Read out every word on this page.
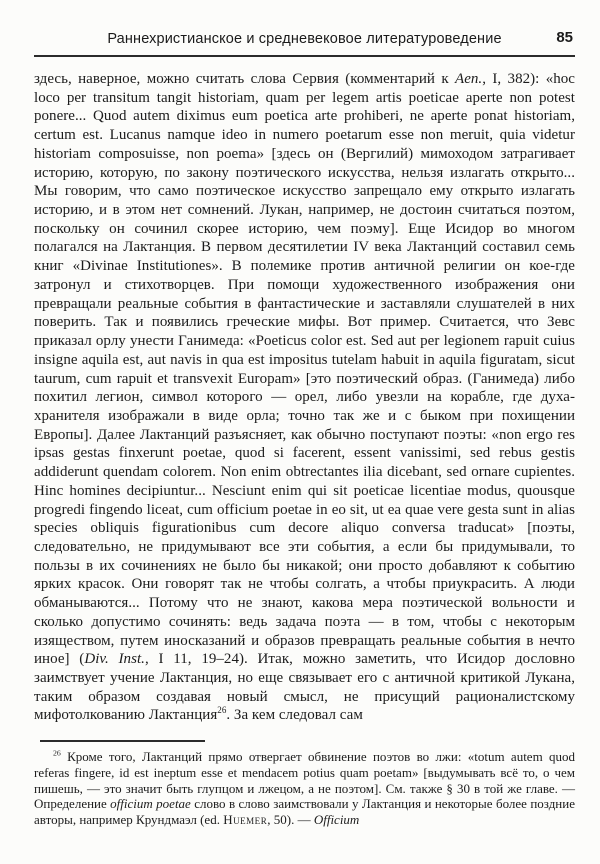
Раннехристианское и средневековое литературоведение	85

здесь, наверное, можно считать слова Сервия (комментарий к Aen., I, 382): «hoc loco per transitum tangit historiam, quam per legem artis poeticae aperte non potest ponere... Quod autem diximus eum poetica arte prohiberi, ne aperte ponat historiam, certum est. Lucanus namque ideo in numero poetarum esse non meruit, quia videtur historiam composuisse, non poema» [здесь он (Вергилий) мимоходом затрагивает историю, которую, по закону поэтического искусства, нельзя излагать открыто... Мы говорим, что само поэтическое искусство запрещало ему открыто излагать историю, и в этом нет сомнений. Лукан, например, не достоин считаться поэтом, поскольку он сочинил скорее историю, чем поэму]. Еще Исидор во многом полагался на Лактанция. В первом десятилетии IV века Лактанций составил семь книг «Divinae Institutiones». В полемике против античной религии он кое-где затронул и стихотворцев. При помощи художественного изображения они превращали реальные события в фантастические и заставляли слушателей в них поверить. Так и появились греческие мифы. Вот пример. Считается, что Зевс приказал орлу унести Ганимеда: «Poeticus color est. Sed aut per legionem rapuit cuius insigne aquila est, aut navis in qua est impositus tutelam habuit in aquila figuratam, sicut taurum, cum rapuit et transvexit Europam» [это поэтический образ. (Ганимеда) либо похитил легион, символ которого — орел, либо увезли на корабле, где духа-хранителя изображали в виде орла; точно так же и с быком при похищении Европы]. Далее Лактанций разъясняет, как обычно поступают поэты: «non ergo res ipsas gestas finxerunt poetae, quod si facerent, essent vanissimi, sed rebus gestis addiderunt quendam colorem. Non enim obtrectantes ilia dicebant, sed ornare cupientes. Hinc homines decipiuntur... Nesciunt enim qui sit poeticae licentiae modus, quousque progredi fingendo liceat, cum officium poetae in eo sit, ut ea quae vere gesta sunt in alias species obliquis figurationibus cum decore aliquo conversa traducat» [поэты, следовательно, не придумывают все эти события, а если бы придумывали, то пользы в их сочинениях не было бы никакой; они просто добавляют к событию ярких красок. Они говорят так не чтобы солгать, а чтобы приукрасить. А люди обманываются... Потому что не знают, какова мера поэтической вольности и сколько допустимо сочинять: ведь задача поэта — в том, чтобы с некоторым изяществом, путем иносказаний и образов превращать реальные события в нечто иное] (Div. Inst., I 11, 19–24). Итак, можно заметить, что Исидор дословно заимствует учение Лактанция, но еще связывает его с античной критикой Лукана, таким образом создавая новый смысл, не присущий рационалистскому мифотолкованию Лактанция$^{26}$. За кем следовал сам

$^{26}$ Кроме того, Лактанций прямо отвергает обвинение поэтов во лжи: «totum autem quod referas fingere, id est ineptum esse et mendacem potius quam poetam» [выдумывать всё то, о чем пишешь, — это значит быть глупцом и лжецом, а не поэтом]. См. также § 30 в той же главе. — Определение officium poetae слово в слово заимствовали у Лактанция и некоторые более поздние авторы, например Крундмаэл (ed. Huemer, 50). — Officium
